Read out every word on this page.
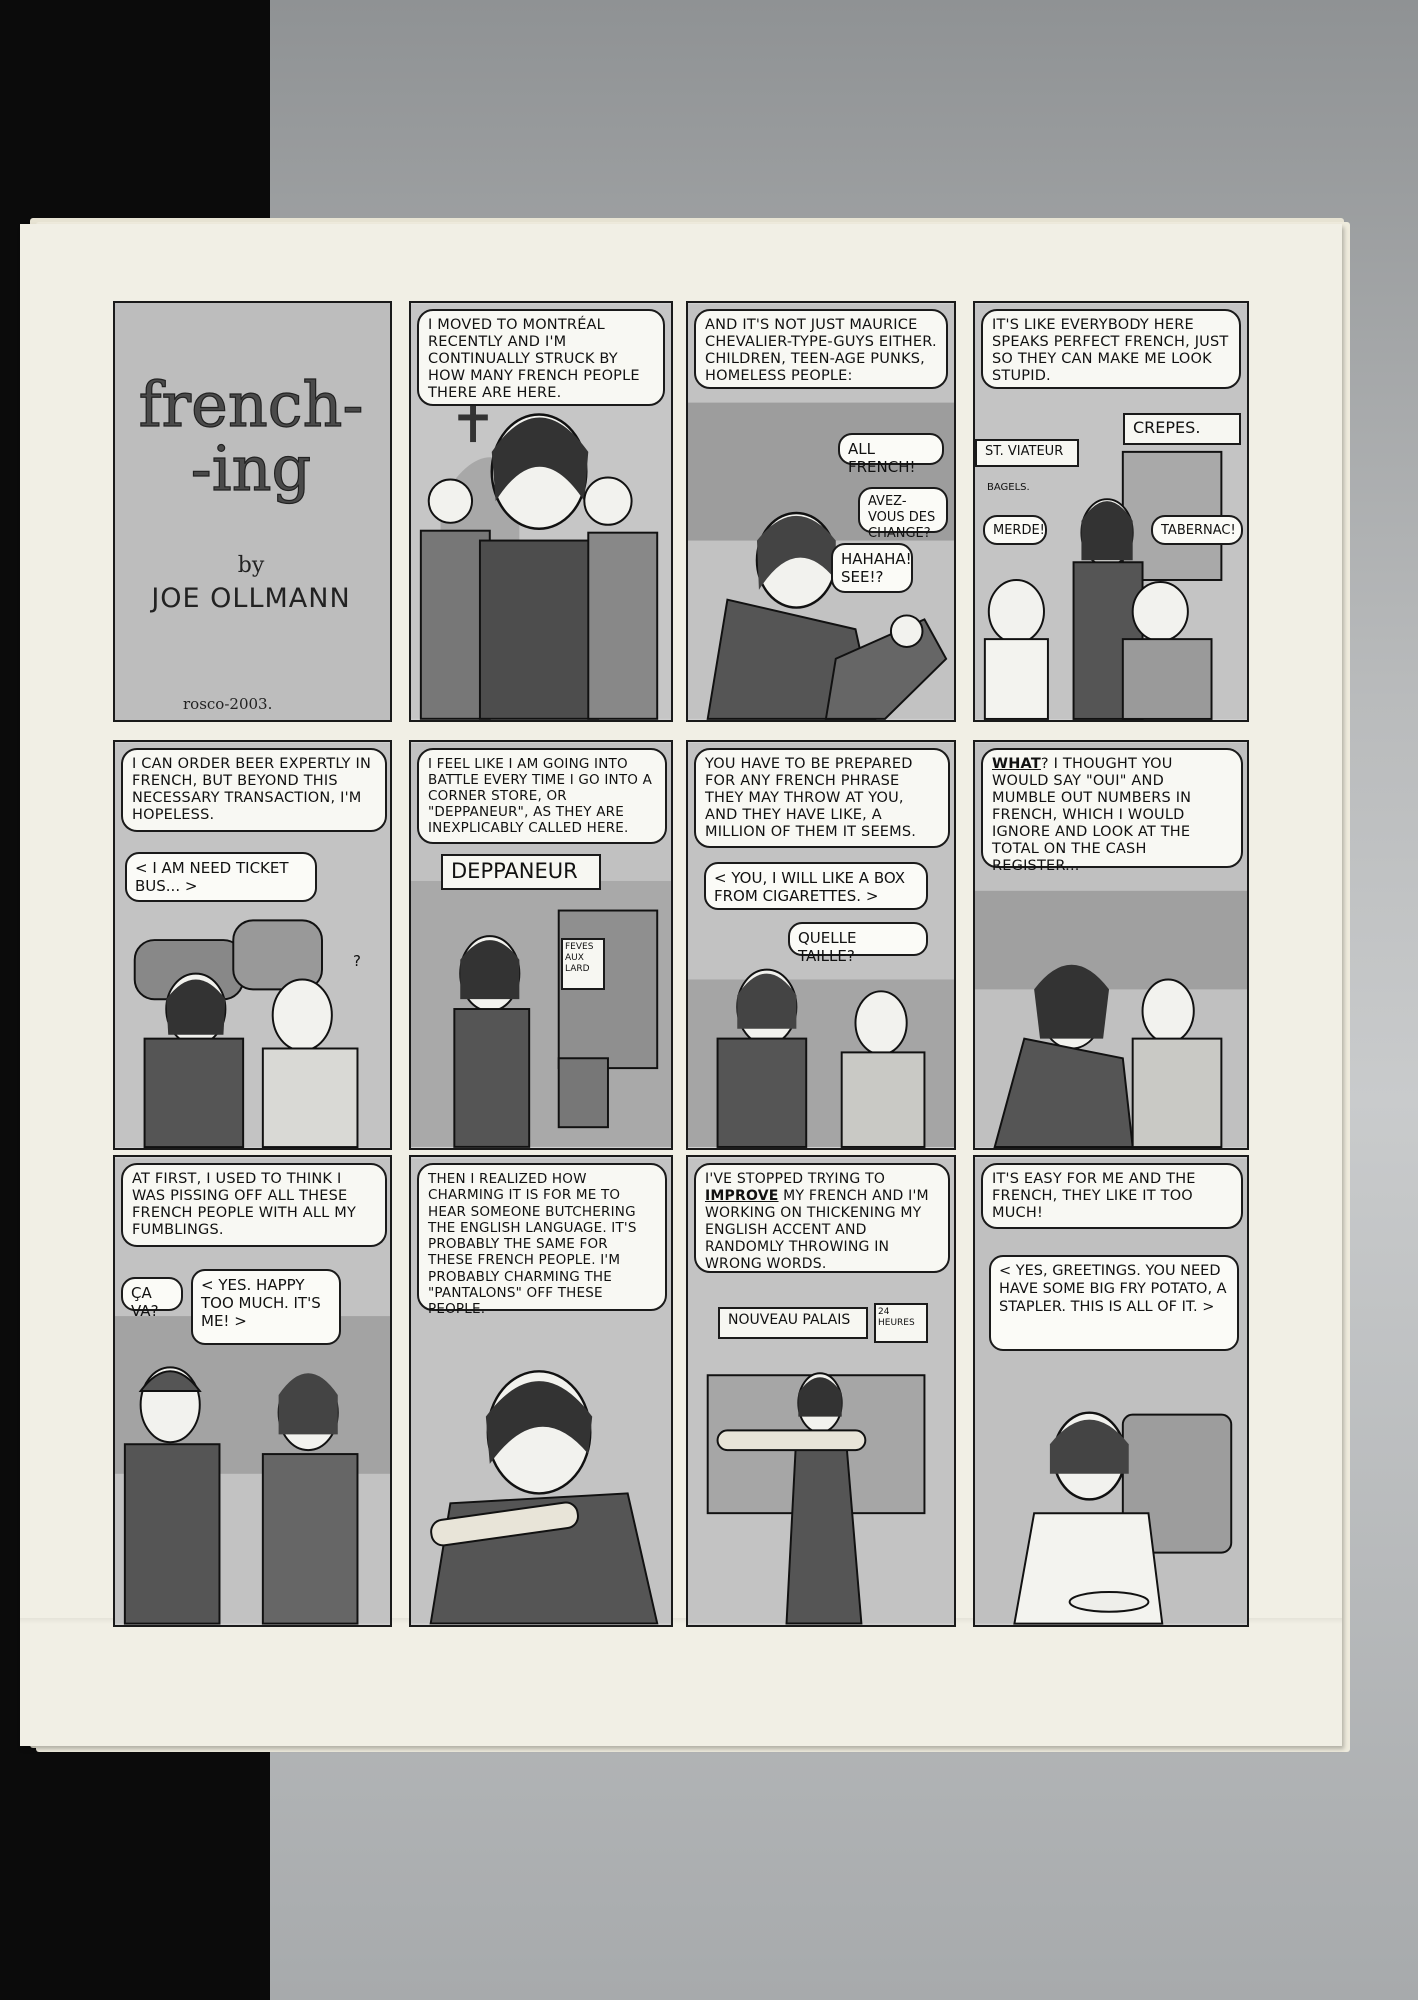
french-
-ing
by
JOE OLLMANN
rosco-2003.
I MOVED TO MONTRÉAL RECENTLY AND I'M CONTINUALLY STRUCK BY HOW MANY FRENCH PEOPLE THERE ARE HERE.
AND IT'S NOT JUST MAURICE CHEVALIER-TYPE-GUYS EITHER. CHILDREN, TEEN-AGE PUNKS, HOMELESS PEOPLE:
ALL FRENCH!
AVEZ-VOUS DES CHANGE?
HAHAHA! SEE!?
IT'S LIKE EVERYBODY HERE SPEAKS PERFECT FRENCH, JUST SO THEY CAN MAKE ME LOOK STUPID.
ST. VIATEUR
CREPES.
BAGELS.
MERDE!	TABERNAC!
I CAN ORDER BEER EXPERTLY IN FRENCH, BUT BEYOND THIS NECESSARY TRANSACTION, I'M HOPELESS.
< I AM NEED TICKET BUS... >
?
I FEEL LIKE I AM GOING INTO BATTLE EVERY TIME I GO INTO A CORNER STORE, OR "DEPPANEUR", AS THEY ARE INEXPLICABLY CALLED HERE.
DEPPANEUR
FEVES AUX LARD
YOU HAVE TO BE PREPARED FOR ANY FRENCH PHRASE THEY MAY THROW AT YOU, AND THEY HAVE LIKE, A MILLION OF THEM IT SEEMS.
< YOU, I WILL LIKE A BOX FROM CIGARETTES. >
QUELLE TAILLE?
WHAT? I THOUGHT YOU WOULD SAY "OUI" AND MUMBLE OUT NUMBERS IN FRENCH, WHICH I WOULD IGNORE AND LOOK AT THE TOTAL ON THE CASH REGISTER...
AT FIRST, I USED TO THINK I WAS PISSING OFF ALL THESE FRENCH PEOPLE WITH ALL MY FUMBLINGS.
ÇA VA?
< YES. HAPPY TOO MUCH. IT'S ME! >
THEN I REALIZED HOW CHARMING IT IS FOR ME TO HEAR SOMEONE BUTCHERING THE ENGLISH LANGUAGE. IT'S PROBABLY THE SAME FOR THESE FRENCH PEOPLE. I'M PROBABLY CHARMING THE "PANTALONS" OFF THESE PEOPLE.
I'VE STOPPED TRYING TO IMPROVE MY FRENCH AND I'M WORKING ON THICKENING MY ENGLISH ACCENT AND RANDOMLY THROWING IN WRONG WORDS.
NOUVEAU PALAIS	24 HEURES
IT'S EASY FOR ME AND THE FRENCH, THEY LIKE IT TOO MUCH!
< YES, GREETINGS. YOU NEED HAVE SOME BIG FRY POTATO, A STAPLER. THIS IS ALL OF IT. >
